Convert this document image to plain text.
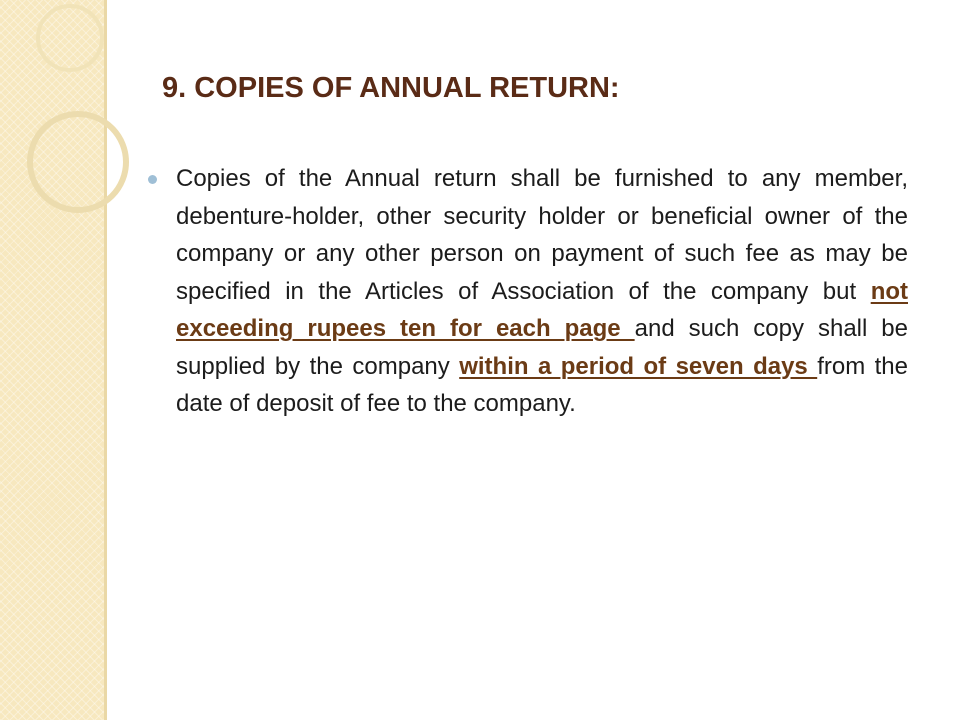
9. COPIES OF ANNUAL RETURN:

Copies of the Annual return shall be furnished to any member, debenture-holder, other security holder or beneficial owner of the company or any other person on payment of such fee as may be specified in the Articles of Association of the company but not exceeding rupees ten for each page and such copy shall be supplied by the company within a period of seven days from the date of deposit of fee to the company.
